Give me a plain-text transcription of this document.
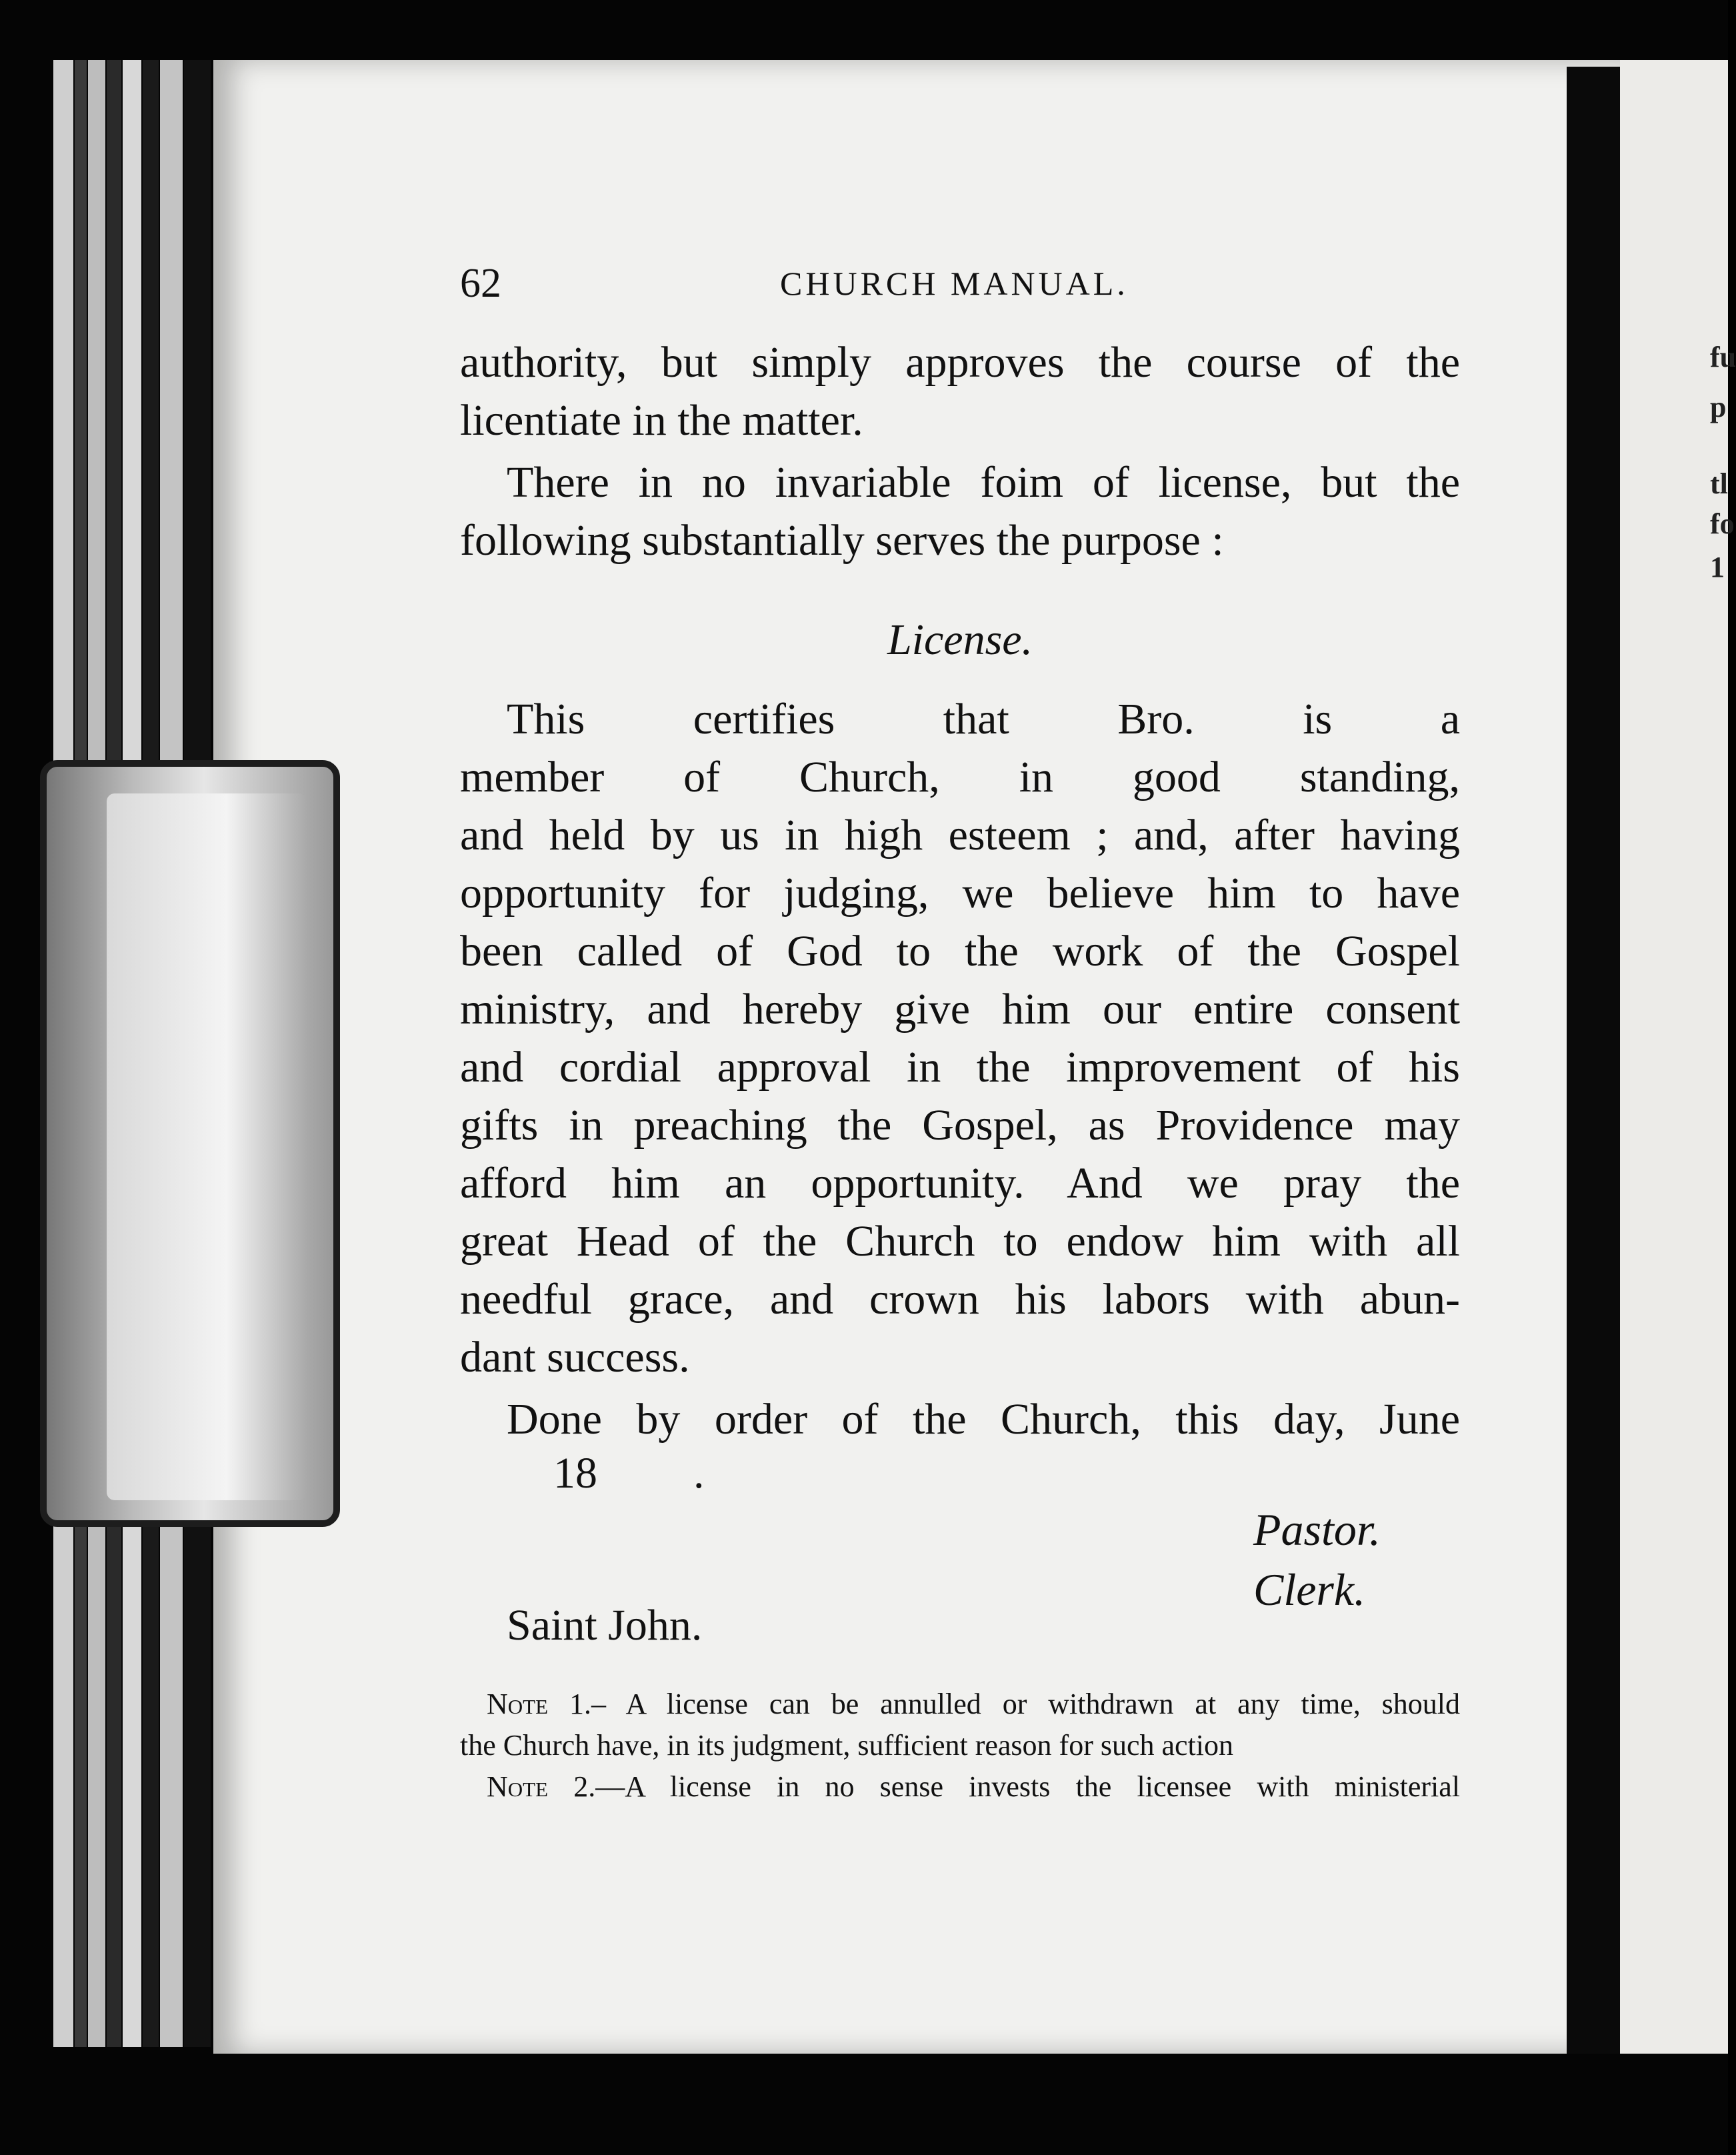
fu
p
tl
fo
1
62	CHURCH MANUAL.
authority, but simply approves the course of the
licentiate in the matter.
There in no invariable foim of license, but the
following substantially serves the purpose :
License.
This certifies that Bro. is a
member of Church, in good standing,
and held by us in high esteem ; and, after having
opportunity for judging, we believe him to have
been called of God to the work of the Gospel
ministry, and hereby give him our entire consent
and cordial approval in the improvement of his
gifts in preaching the Gospel, as Providence may
afford him an opportunity. And we pray the
great Head of the Church to endow him with all
needful grace, and crown his labors with abun-
dant success.
Done by order of the Church, this day, June
18 .
Pastor.
Clerk.
Saint John.
Note 1.– A license can be annulled or withdrawn at any time, should
the Church have, in its judgment, sufficient reason for such action
Note 2.—A license in no sense invests the licensee with ministerial
